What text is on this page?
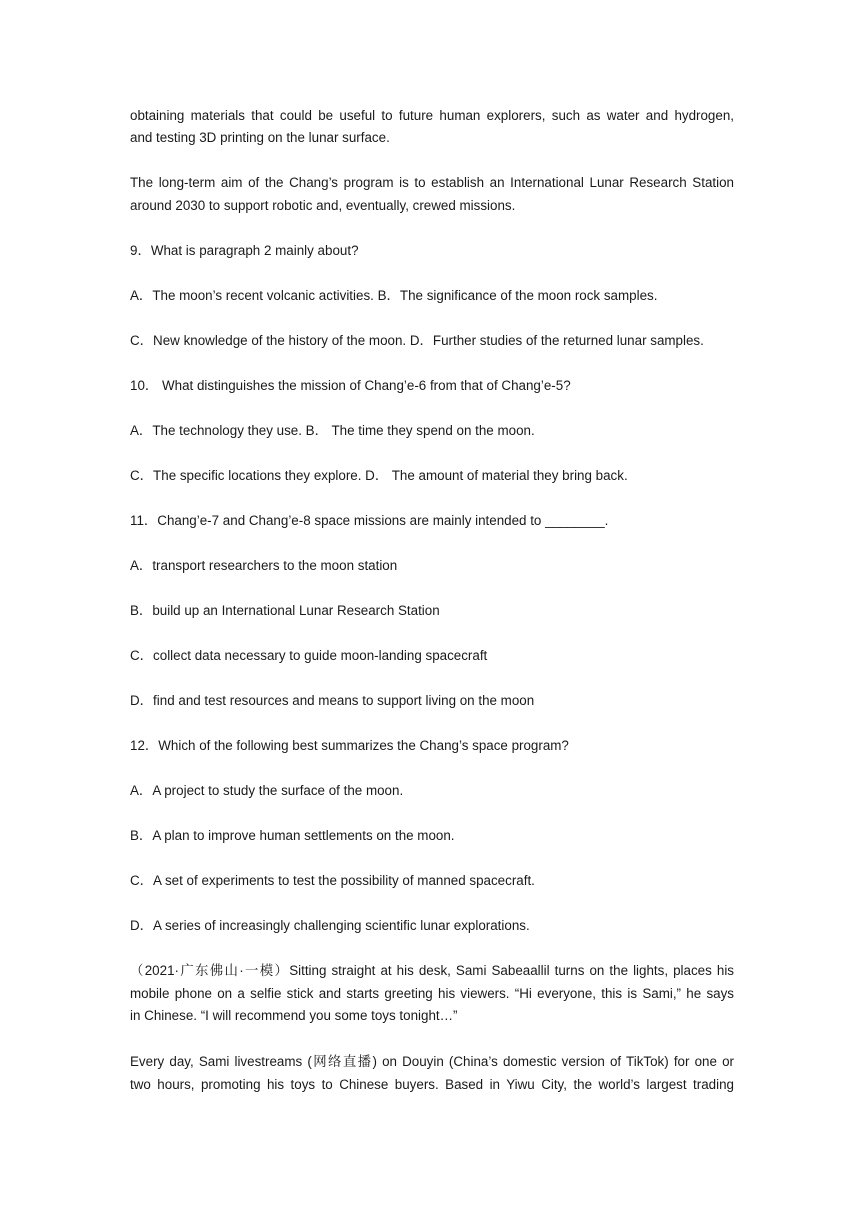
obtaining materials that could be useful to future human explorers, such as water and hydrogen,
and testing 3D printing on the lunar surface.
The long-term aim of the Chang’s program is to establish an International Lunar Research Station
around 2030 to support robotic and, eventually, crewed missions.
9．What is paragraph 2 mainly about?
A．The moon’s recent volcanic activities. B．The significance of the moon rock samples.
C．New knowledge of the history of the moon. D．Further studies of the returned lunar samples.
10． What distinguishes the mission of Chang’e-6 from that of Chang’e-5?
A．The technology they use. B． The time they spend on the moon.
C．The specific locations they explore. D． The amount of material they bring back.
11．Chang’e-7 and Chang’e-8 space missions are mainly intended to ________.
A．transport researchers to the moon station
B．build up an International Lunar Research Station
C．collect data necessary to guide moon-landing spacecraft
D．find and test resources and means to support living on the moon
12．Which of the following best summarizes the Chang’s space program?
A．A project to study the surface of the moon.
B．A plan to improve human settlements on the moon.
C．A set of experiments to test the possibility of manned spacecraft.
D．A series of increasingly challenging scientific lunar explorations.
（2021·广东佛山·一模）Sitting straight at his desk, Sami Sabeaallil turns on the lights, places his
mobile phone on a selfie stick and starts greeting his viewers. “Hi everyone, this is Sami,” he says
in Chinese. “I will recommend you some toys tonight…”
Every day, Sami livestreams (网络直播) on Douyin (China’s domestic version of TikTok) for one or
two hours, promoting his toys to Chinese buyers. Based in Yiwu City, the world’s largest trading
